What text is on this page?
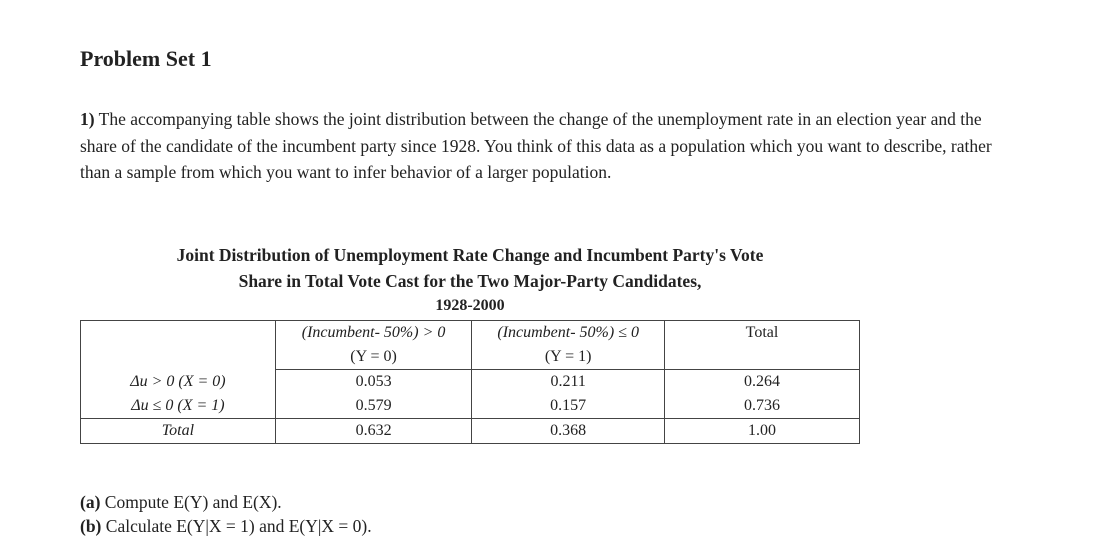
Problem Set 1

1) The accompanying table shows the joint distribution between the change of the unemployment rate in an election year and the share of the candidate of the incumbent party since 1928. You think of this data as a population which you want to describe, rather than a sample from which you want to infer behavior of a larger population.

Joint Distribution of Unemployment Rate Change and Incumbent Party's Vote
Share in Total Vote Cast for the Two Major-Party Candidates,
1928-2000
	(Incumbent- 50%) > 0	(Incumbent- 50%) ≤ 0	Total
	(Y = 0)	(Y = 1)	
Δu > 0 (X = 0)	0.053	0.211	0.264
Δu ≤ 0 (X = 1)	0.579	0.157	0.736
Total	0.632	0.368	1.00
(a) Compute E(Y) and E(X).
(b) Calculate E(Y|X = 1) and E(Y|X = 0).
